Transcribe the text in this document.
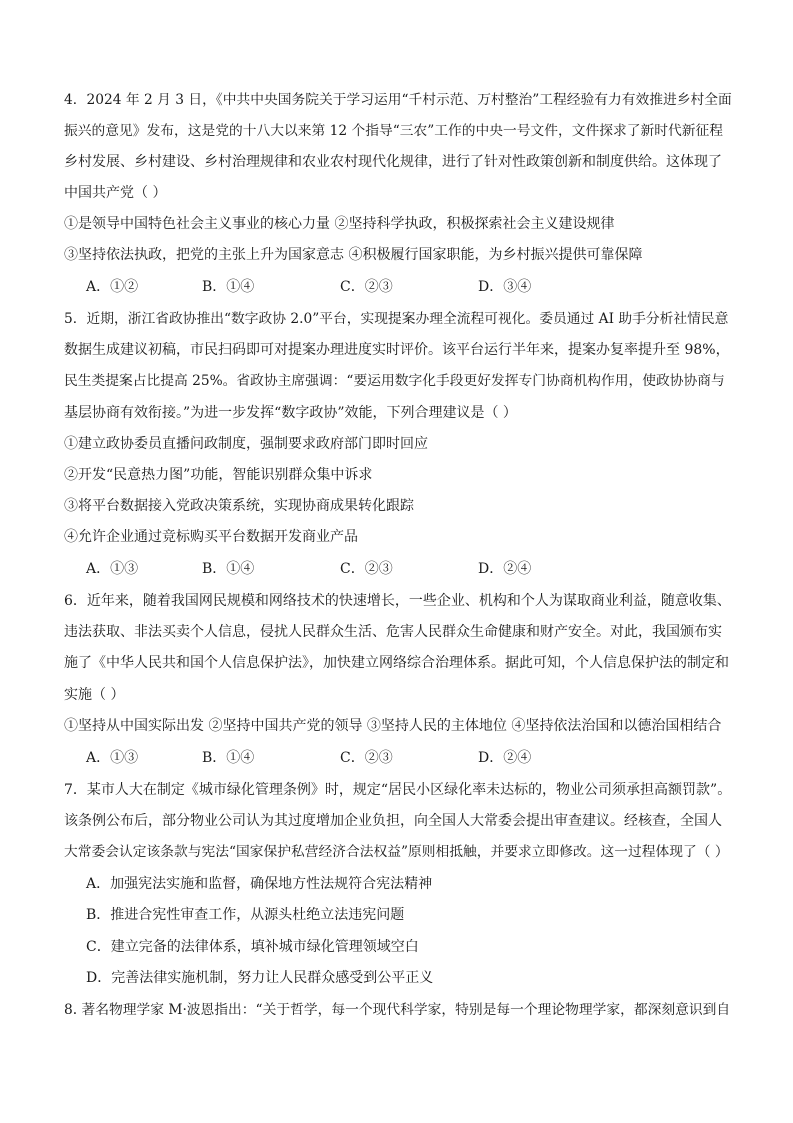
4．2024 年 2 月 3 日，《中共中央国务院关于学习运用“千村示范、万村整治”工程经验有力有效推进乡村全面
振兴的意见》发布，这是党的十八大以来第 12 个指导“三农”工作的中央一号文件，文件探求了新时代新征程
乡村发展、乡村建设、乡村治理规律和农业农村现代化规律，进行了针对性政策创新和制度供给。这体现了
中国共产党（ ）
①是领导中国特色社会主义事业的核心力量 ②坚持科学执政，积极探索社会主义建设规律
③坚持依法执政，把党的主张上升为国家意志 ④积极履行国家职能，为乡村振兴提供可靠保障
A．①②	B．①④	C．②③	D．③④
5．近期，浙江省政协推出“数字政协 2.0”平台，实现提案办理全流程可视化。委员通过 AI 助手分析社情民意
数据生成建议初稿，市民扫码即可对提案办理进度实时评价。该平台运行半年来，提案办复率提升至 98%，
民生类提案占比提高 25%。省政协主席强调：“要运用数字化手段更好发挥专门协商机构作用，使政协协商与
基层协商有效衔接。”为进一步发挥“数字政协”效能，下列合理建议是（ ）
①建立政协委员直播问政制度，强制要求政府部门即时回应
②开发“民意热力图”功能，智能识别群众集中诉求
③将平台数据接入党政决策系统，实现协商成果转化跟踪
④允许企业通过竞标购买平台数据开发商业产品
A．①③	B．①④	C．②③	D．②④
6．近年来，随着我国网民规模和网络技术的快速增长，一些企业、机构和个人为谋取商业利益，随意收集、
违法获取、非法买卖个人信息，侵扰人民群众生活、危害人民群众生命健康和财产安全。对此，我国颁布实
施了《中华人民共和国个人信息保护法》，加快建立网络综合治理体系。据此可知，个人信息保护法的制定和
实施（ ）
①坚持从中国实际出发 ②坚持中国共产党的领导 ③坚持人民的主体地位 ④坚持依法治国和以德治国相结合
A．①③	B．①④	C．②③	D．②④
7．某市人大在制定《城市绿化管理条例》时，规定“居民小区绿化率未达标的，物业公司须承担高额罚款”。
该条例公布后，部分物业公司认为其过度增加企业负担，向全国人大常委会提出审查建议。经核查，全国人
大常委会认定该条款与宪法“国家保护私营经济合法权益”原则相抵触，并要求立即修改。这一过程体现了（ ）
A．加强宪法实施和监督，确保地方性法规符合宪法精神
B．推进合宪性审查工作，从源头杜绝立法违宪问题
C．建立完备的法律体系，填补城市绿化管理领域空白
D．完善法律实施机制，努力让人民群众感受到公平正义
8. 著名物理学家 M·波恩指出：“关于哲学，每一个现代科学家，特别是每一个理论物理学家，都深刻意识到自
